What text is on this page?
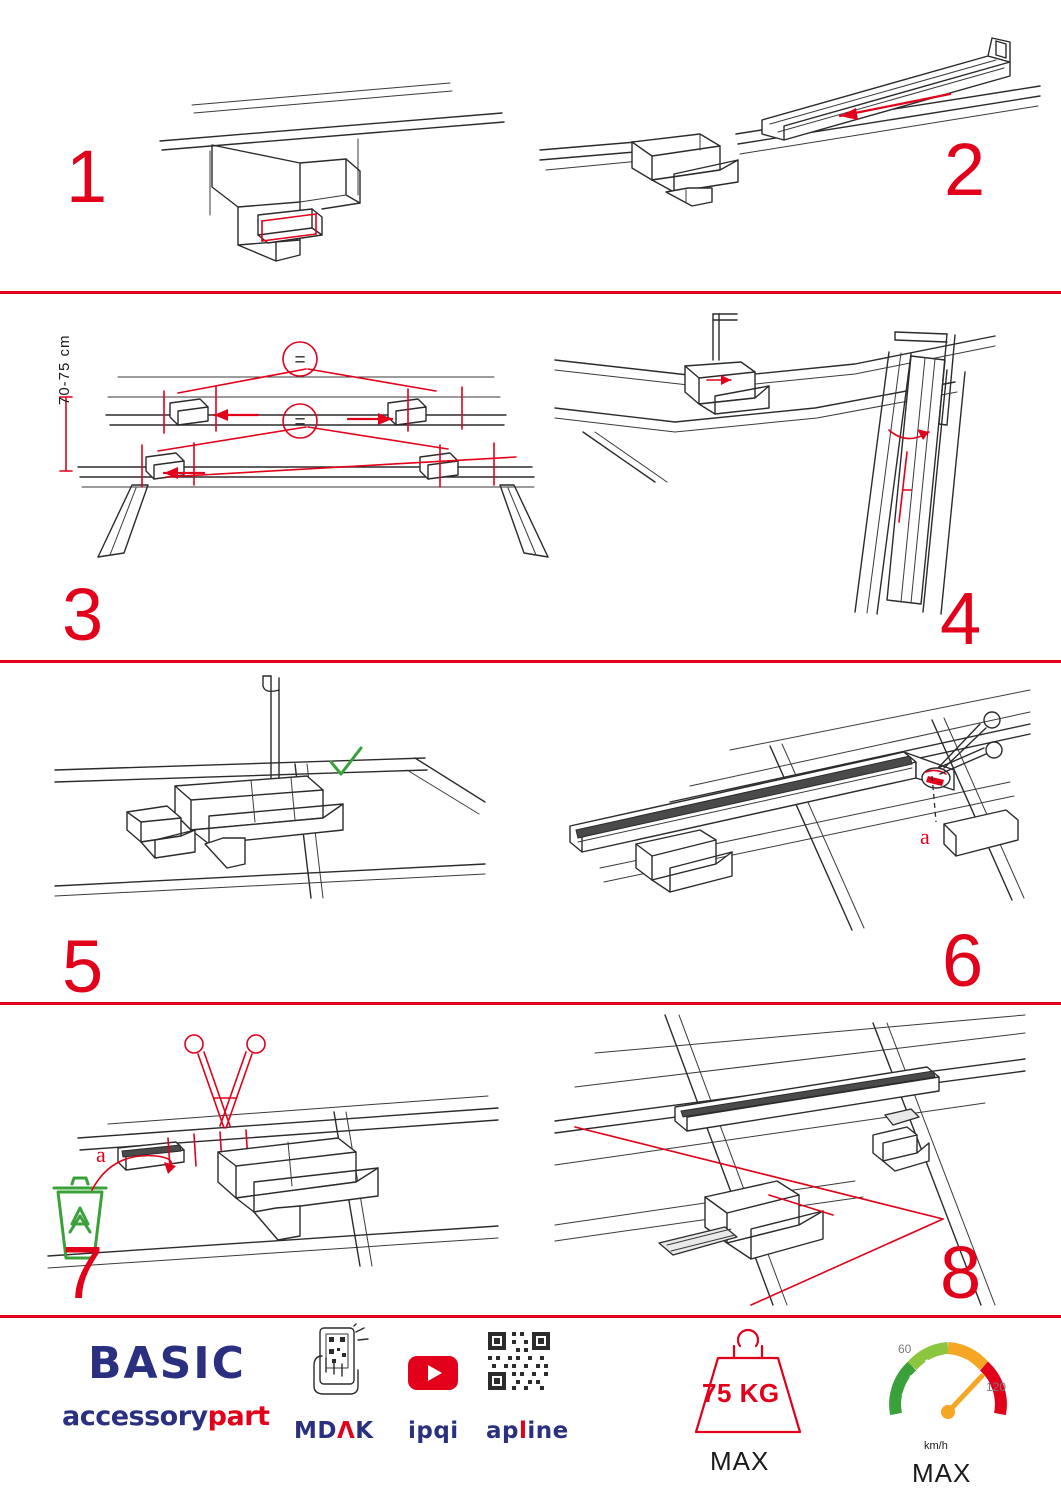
1	2
=
=
70-75 cm
3	4
5
a
6
a
7	8
BASIC
accessorypart MDΛK ipqi apline
75 KG
MAX
60
120
km/h
MAX
